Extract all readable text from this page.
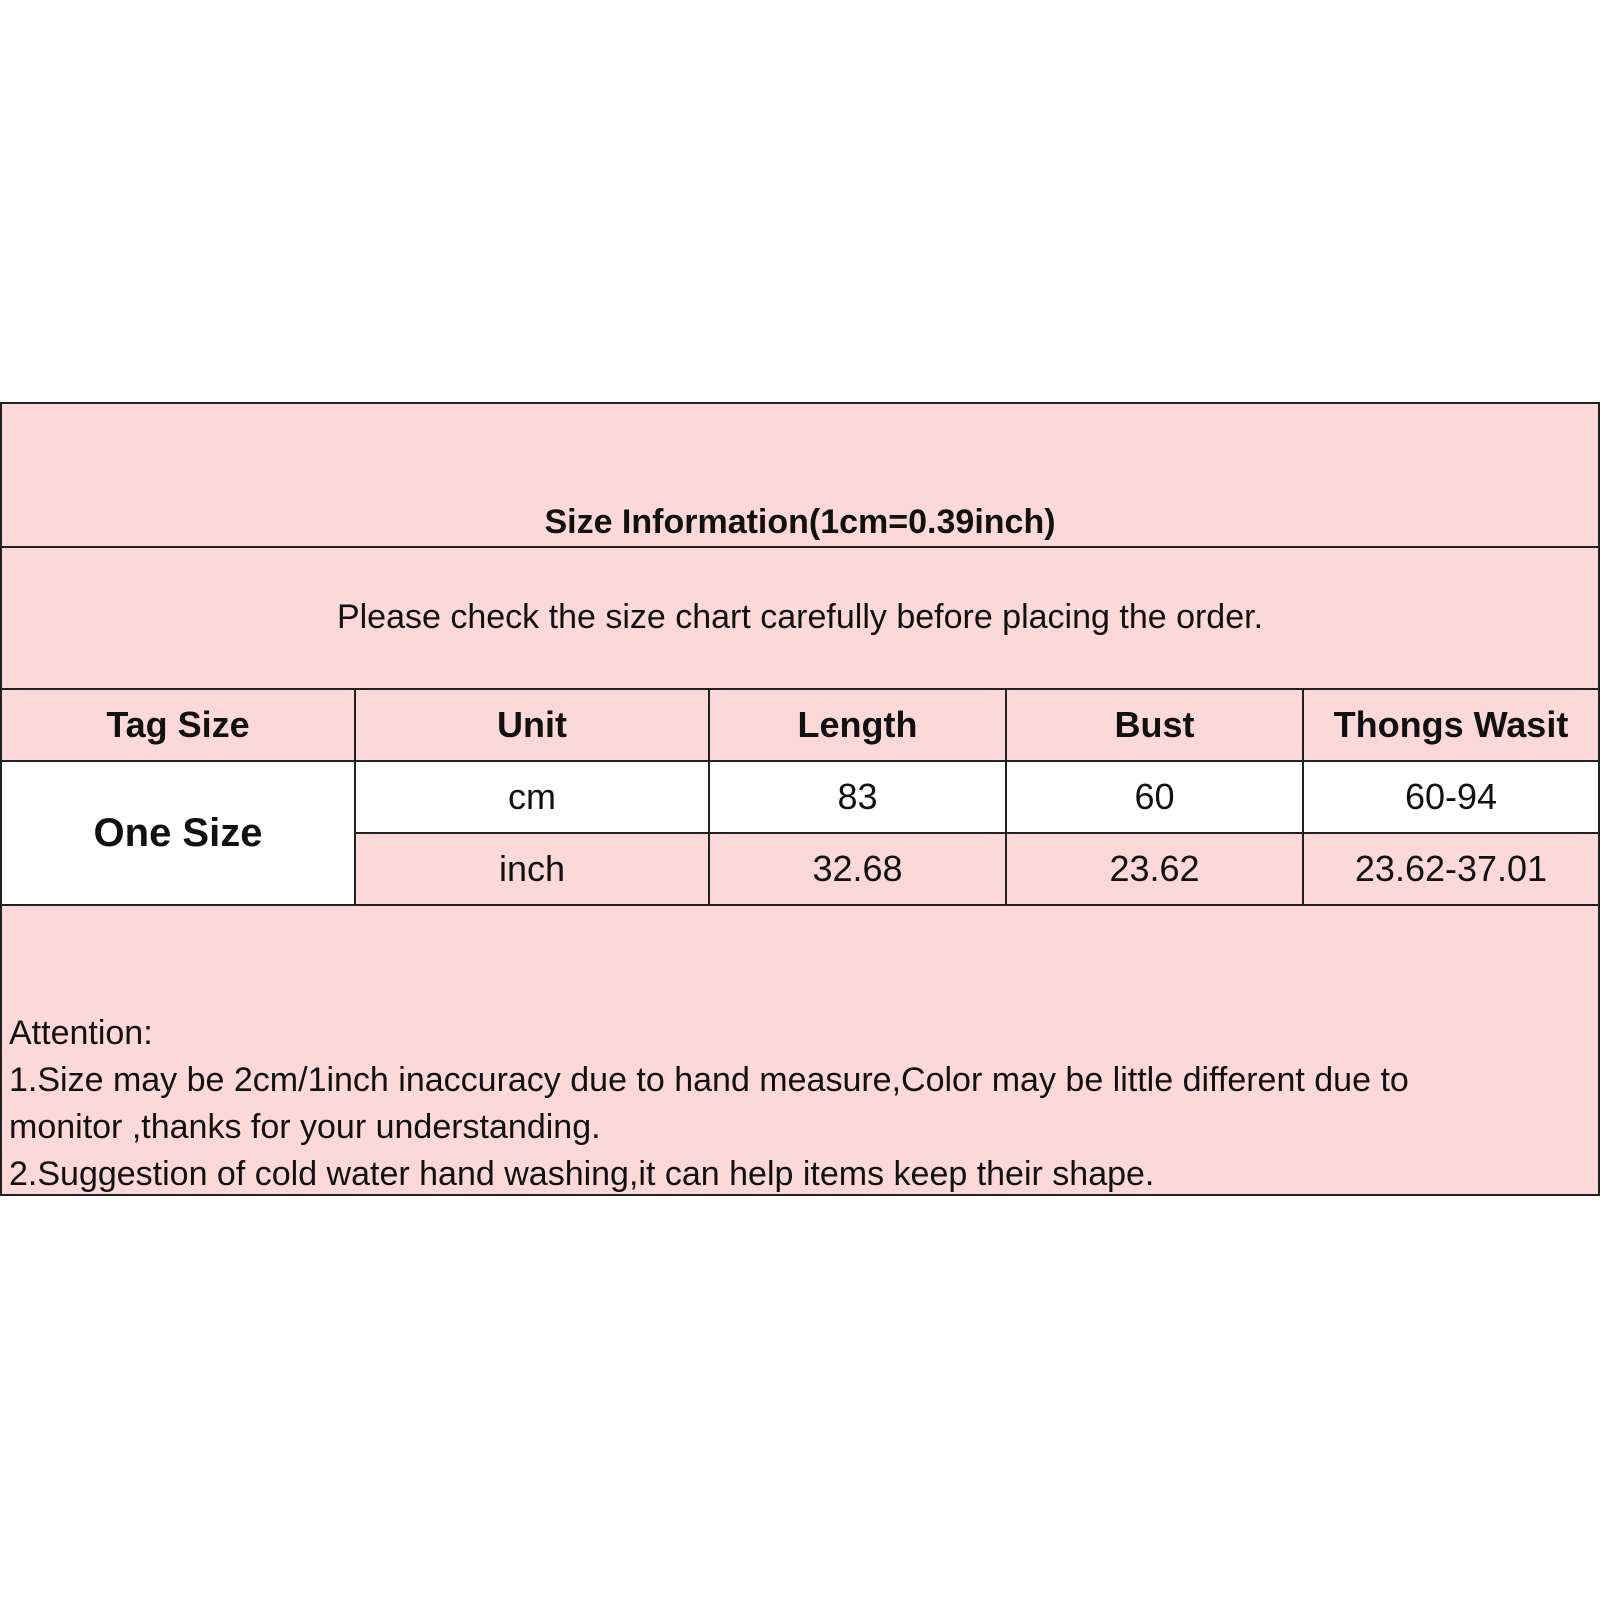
Size Information(1cm=0.39inch)
Please check the size chart carefully before placing the order.
Tag Size	Unit	Length	Bust	Thongs Wasit
One Size	cm	83	60	60-94
	inch	32.68	23.62	23.62-37.01
Attention:
1.Size may be 2cm/1inch inaccuracy due to hand measure,Color may be little different due to
monitor ,thanks for your understanding.
2.Suggestion of cold water hand washing,it can help items keep their shape.
